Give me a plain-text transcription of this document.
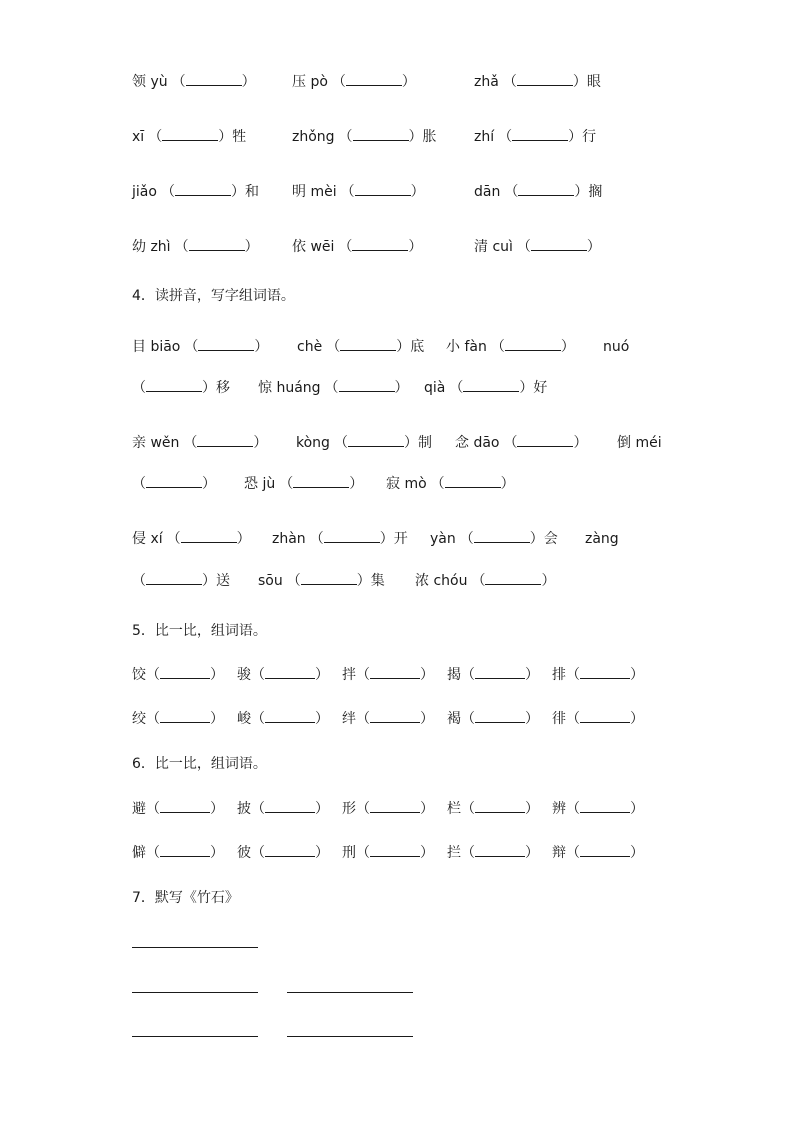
领 yù （	）	压 pò （	）	zhǎ （	）眼
xī （	）牲	zhǒng （	）胀	zhí （	）行
jiǎo （	）和 明 mèi （	）	dān （	）搁
幼 zhì （	） 依 wēi （	）	清 cuì （	）
4．读拼音，写字组词语。
目 biāo （	） chè （	）底 小 fàn （	） nuó
（	）移 惊 huáng （	） qià （	）好
亲 wěn （	） kòng （	）制 念 dāo （	） 倒 méi
（	） 恐 jù （	） 寂 mò （	）
侵 xí （	） zhàn （	）开 yàn （	）会 zàng
（	）送 sōu （	）集 浓 chóu （	）
5．比一比，组词语。
饺（	） 骏（	） 拌（	） 揭（	） 排（	）
绞（	） 峻（	） 绊（	） 褐（	） 徘（	）
6．比一比，组词语。
避（	） 披（	） 形（	） 栏（	） 辨（	）
僻（	） 彼（	） 刑（	） 拦（	） 辩（	）
7．默写《竹石》
